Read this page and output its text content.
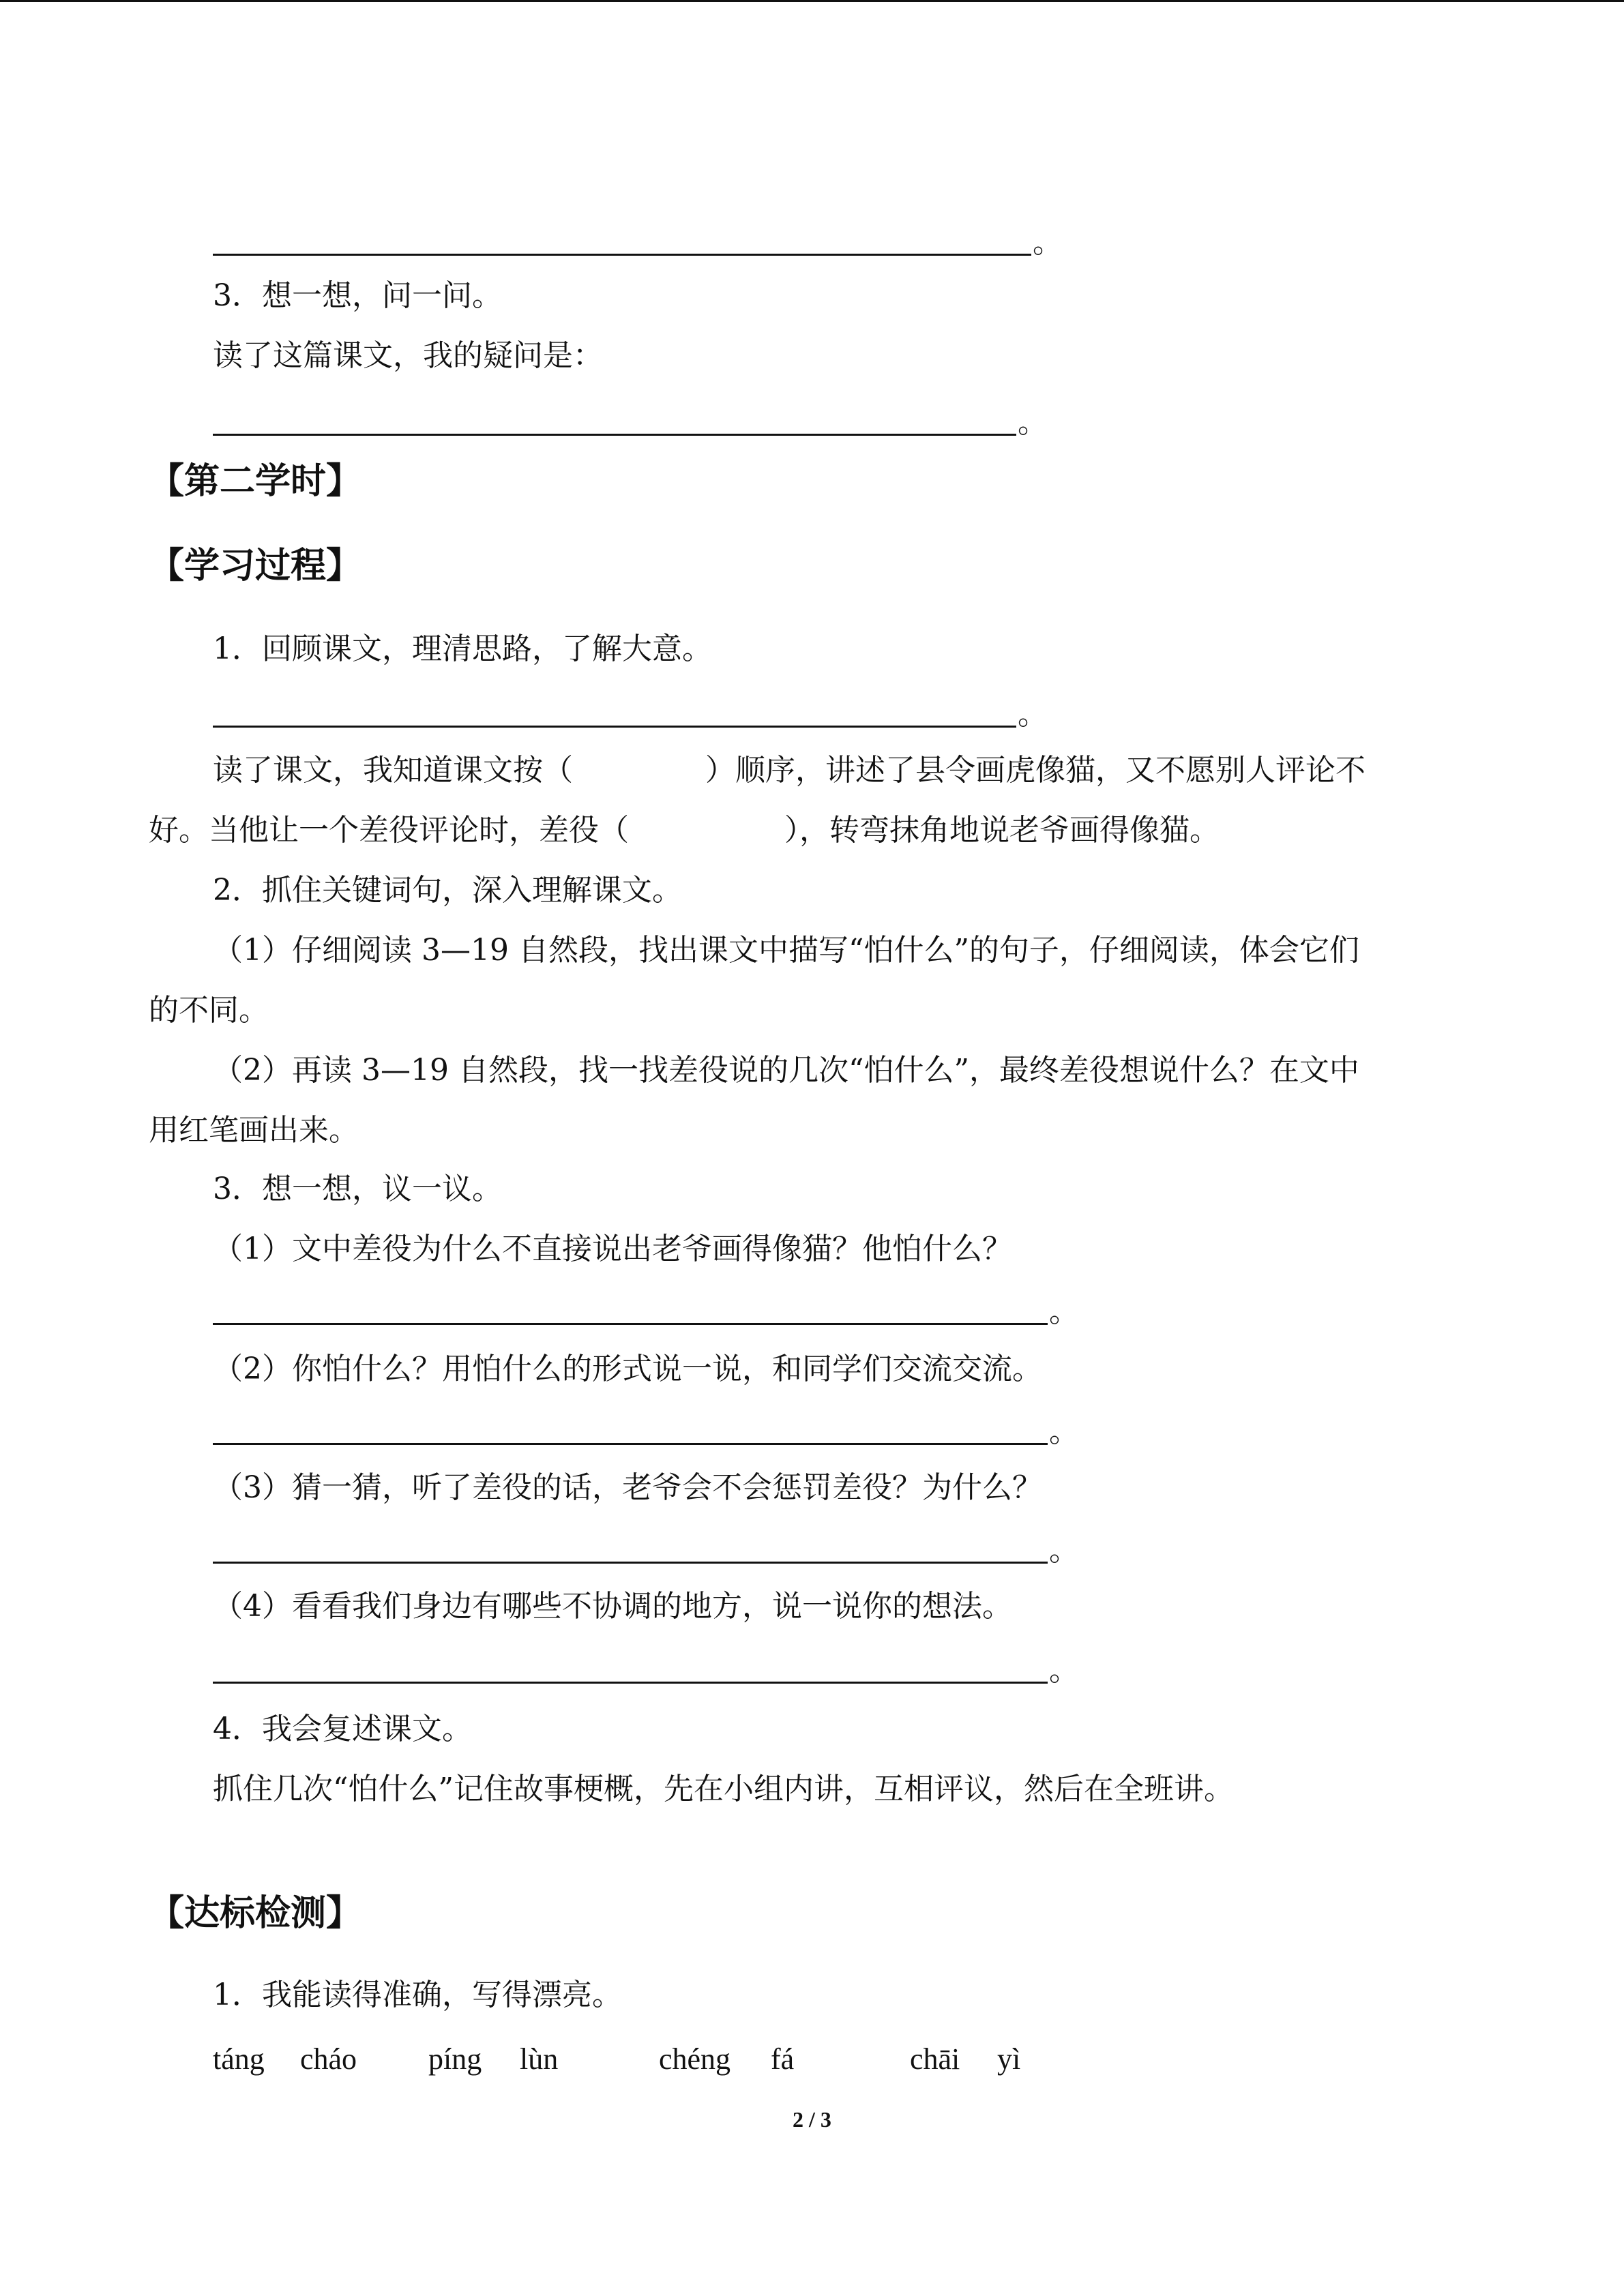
。
3．想一想，问一问。
读了这篇课文，我的疑问是：
。
【第二学时】
【学习过程】
1．回顾课文，理清思路，了解大意。
。
读了课文，我知道课文按（	）顺序，讲述了县令画虎像猫，又不愿别人评论不
好。当他让一个差役评论时，差役（	），转弯抹角地说老爷画得像猫。
2．抓住关键词句，深入理解课文。
（1）仔细阅读 3—19 自然段，找出课文中描写“怕什么”的句子，仔细阅读，体会它们
的不同。
（2）再读 3—19 自然段，找一找差役说的几次“怕什么”，最终差役想说什么？在文中
用红笔画出来。
3．想一想，议一议。
（1）文中差役为什么不直接说出老爷画得像猫？他怕什么？
。
（2）你怕什么？用怕什么的形式说一说，和同学们交流交流。
。
（3）猜一猜，听了差役的话，老爷会不会惩罚差役？为什么？
。
（4）看看我们身边有哪些不协调的地方，说一说你的想法。
。
4．我会复述课文。
抓住几次“怕什么”记住故事梗概，先在小组内讲，互相评议，然后在全班讲。
【达标检测】
1．我能读得准确，写得漂亮。
táng cháo píng lùn	chéng fá	chāi yì
2 / 3
